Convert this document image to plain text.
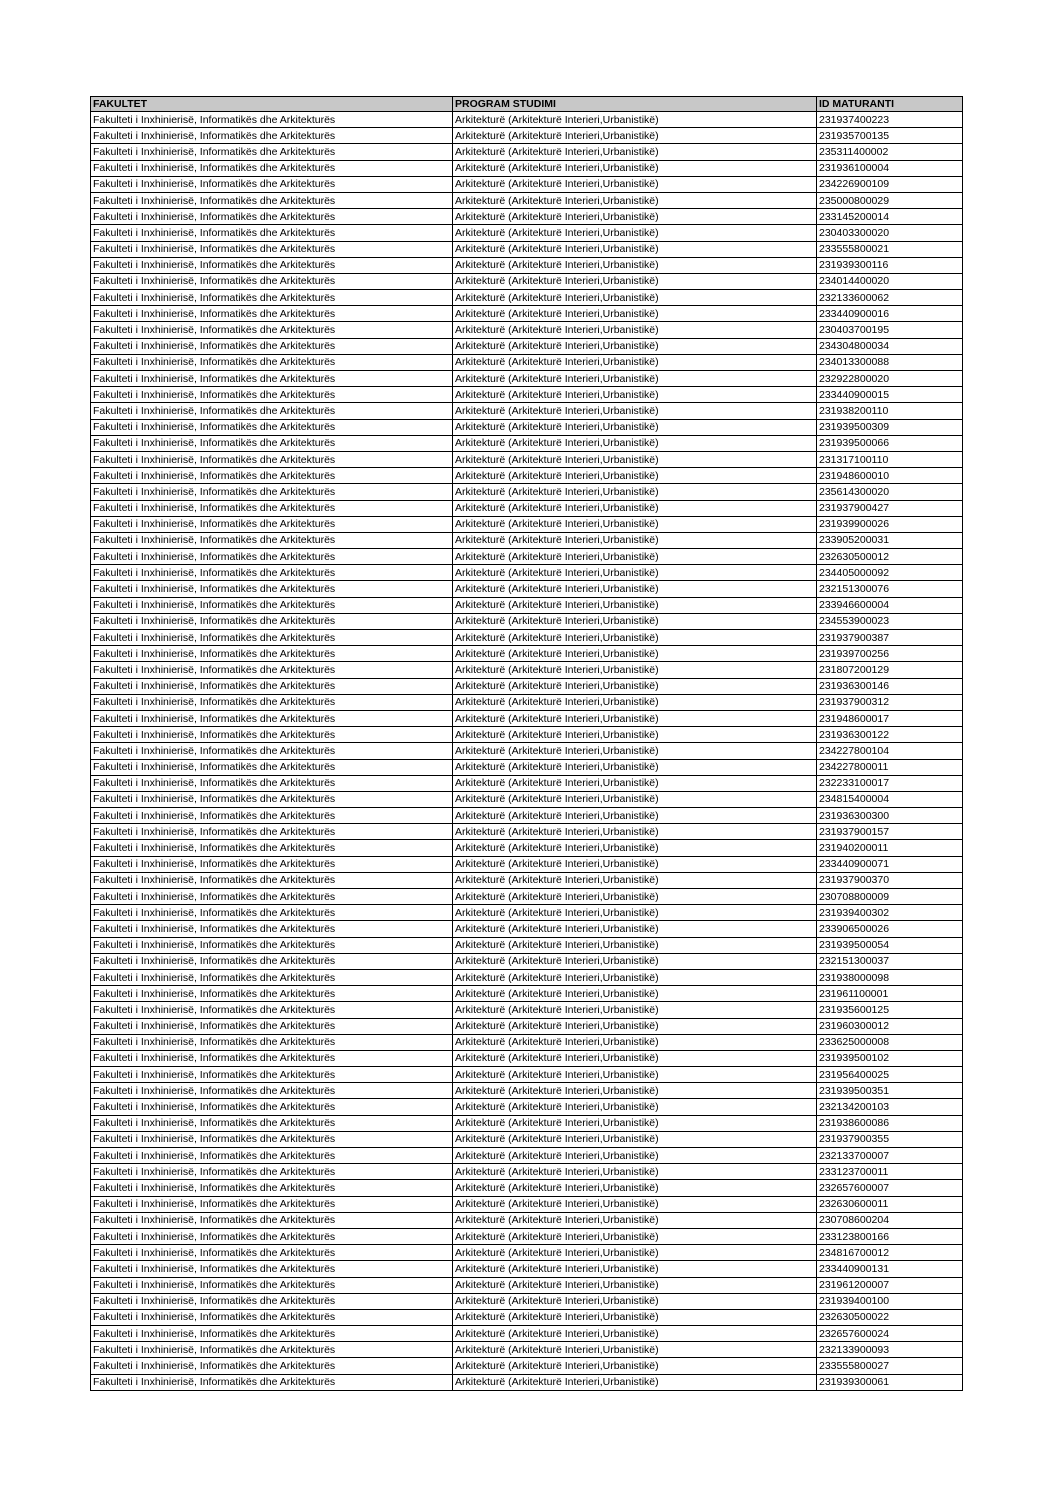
FAKULTET	PROGRAM STUDIMI	ID MATURANTI
Fakulteti i Inxhinierisë, Informatikës dhe Arkitekturës	Arkitekturë (Arkitekturë Interieri,Urbanistikë)	231937400223
Fakulteti i Inxhinierisë, Informatikës dhe Arkitekturës	Arkitekturë (Arkitekturë Interieri,Urbanistikë)	231935700135
Fakulteti i Inxhinierisë, Informatikës dhe Arkitekturës	Arkitekturë (Arkitekturë Interieri,Urbanistikë)	235311400002
Fakulteti i Inxhinierisë, Informatikës dhe Arkitekturës	Arkitekturë (Arkitekturë Interieri,Urbanistikë)	231936100004
Fakulteti i Inxhinierisë, Informatikës dhe Arkitekturës	Arkitekturë (Arkitekturë Interieri,Urbanistikë)	234226900109
Fakulteti i Inxhinierisë, Informatikës dhe Arkitekturës	Arkitekturë (Arkitekturë Interieri,Urbanistikë)	235000800029
Fakulteti i Inxhinierisë, Informatikës dhe Arkitekturës	Arkitekturë (Arkitekturë Interieri,Urbanistikë)	233145200014
Fakulteti i Inxhinierisë, Informatikës dhe Arkitekturës	Arkitekturë (Arkitekturë Interieri,Urbanistikë)	230403300020
Fakulteti i Inxhinierisë, Informatikës dhe Arkitekturës	Arkitekturë (Arkitekturë Interieri,Urbanistikë)	233555800021
Fakulteti i Inxhinierisë, Informatikës dhe Arkitekturës	Arkitekturë (Arkitekturë Interieri,Urbanistikë)	231939300116
Fakulteti i Inxhinierisë, Informatikës dhe Arkitekturës	Arkitekturë (Arkitekturë Interieri,Urbanistikë)	234014400020
Fakulteti i Inxhinierisë, Informatikës dhe Arkitekturës	Arkitekturë (Arkitekturë Interieri,Urbanistikë)	232133600062
Fakulteti i Inxhinierisë, Informatikës dhe Arkitekturës	Arkitekturë (Arkitekturë Interieri,Urbanistikë)	233440900016
Fakulteti i Inxhinierisë, Informatikës dhe Arkitekturës	Arkitekturë (Arkitekturë Interieri,Urbanistikë)	230403700195
Fakulteti i Inxhinierisë, Informatikës dhe Arkitekturës	Arkitekturë (Arkitekturë Interieri,Urbanistikë)	234304800034
Fakulteti i Inxhinierisë, Informatikës dhe Arkitekturës	Arkitekturë (Arkitekturë Interieri,Urbanistikë)	234013300088
Fakulteti i Inxhinierisë, Informatikës dhe Arkitekturës	Arkitekturë (Arkitekturë Interieri,Urbanistikë)	232922800020
Fakulteti i Inxhinierisë, Informatikës dhe Arkitekturës	Arkitekturë (Arkitekturë Interieri,Urbanistikë)	233440900015
Fakulteti i Inxhinierisë, Informatikës dhe Arkitekturës	Arkitekturë (Arkitekturë Interieri,Urbanistikë)	231938200110
Fakulteti i Inxhinierisë, Informatikës dhe Arkitekturës	Arkitekturë (Arkitekturë Interieri,Urbanistikë)	231939500309
Fakulteti i Inxhinierisë, Informatikës dhe Arkitekturës	Arkitekturë (Arkitekturë Interieri,Urbanistikë)	231939500066
Fakulteti i Inxhinierisë, Informatikës dhe Arkitekturës	Arkitekturë (Arkitekturë Interieri,Urbanistikë)	231317100110
Fakulteti i Inxhinierisë, Informatikës dhe Arkitekturës	Arkitekturë (Arkitekturë Interieri,Urbanistikë)	231948600010
Fakulteti i Inxhinierisë, Informatikës dhe Arkitekturës	Arkitekturë (Arkitekturë Interieri,Urbanistikë)	235614300020
Fakulteti i Inxhinierisë, Informatikës dhe Arkitekturës	Arkitekturë (Arkitekturë Interieri,Urbanistikë)	231937900427
Fakulteti i Inxhinierisë, Informatikës dhe Arkitekturës	Arkitekturë (Arkitekturë Interieri,Urbanistikë)	231939900026
Fakulteti i Inxhinierisë, Informatikës dhe Arkitekturës	Arkitekturë (Arkitekturë Interieri,Urbanistikë)	233905200031
Fakulteti i Inxhinierisë, Informatikës dhe Arkitekturës	Arkitekturë (Arkitekturë Interieri,Urbanistikë)	232630500012
Fakulteti i Inxhinierisë, Informatikës dhe Arkitekturës	Arkitekturë (Arkitekturë Interieri,Urbanistikë)	234405000092
Fakulteti i Inxhinierisë, Informatikës dhe Arkitekturës	Arkitekturë (Arkitekturë Interieri,Urbanistikë)	232151300076
Fakulteti i Inxhinierisë, Informatikës dhe Arkitekturës	Arkitekturë (Arkitekturë Interieri,Urbanistikë)	233946600004
Fakulteti i Inxhinierisë, Informatikës dhe Arkitekturës	Arkitekturë (Arkitekturë Interieri,Urbanistikë)	234553900023
Fakulteti i Inxhinierisë, Informatikës dhe Arkitekturës	Arkitekturë (Arkitekturë Interieri,Urbanistikë)	231937900387
Fakulteti i Inxhinierisë, Informatikës dhe Arkitekturës	Arkitekturë (Arkitekturë Interieri,Urbanistikë)	231939700256
Fakulteti i Inxhinierisë, Informatikës dhe Arkitekturës	Arkitekturë (Arkitekturë Interieri,Urbanistikë)	231807200129
Fakulteti i Inxhinierisë, Informatikës dhe Arkitekturës	Arkitekturë (Arkitekturë Interieri,Urbanistikë)	231936300146
Fakulteti i Inxhinierisë, Informatikës dhe Arkitekturës	Arkitekturë (Arkitekturë Interieri,Urbanistikë)	231937900312
Fakulteti i Inxhinierisë, Informatikës dhe Arkitekturës	Arkitekturë (Arkitekturë Interieri,Urbanistikë)	231948600017
Fakulteti i Inxhinierisë, Informatikës dhe Arkitekturës	Arkitekturë (Arkitekturë Interieri,Urbanistikë)	231936300122
Fakulteti i Inxhinierisë, Informatikës dhe Arkitekturës	Arkitekturë (Arkitekturë Interieri,Urbanistikë)	234227800104
Fakulteti i Inxhinierisë, Informatikës dhe Arkitekturës	Arkitekturë (Arkitekturë Interieri,Urbanistikë)	234227800011
Fakulteti i Inxhinierisë, Informatikës dhe Arkitekturës	Arkitekturë (Arkitekturë Interieri,Urbanistikë)	232233100017
Fakulteti i Inxhinierisë, Informatikës dhe Arkitekturës	Arkitekturë (Arkitekturë Interieri,Urbanistikë)	234815400004
Fakulteti i Inxhinierisë, Informatikës dhe Arkitekturës	Arkitekturë (Arkitekturë Interieri,Urbanistikë)	231936300300
Fakulteti i Inxhinierisë, Informatikës dhe Arkitekturës	Arkitekturë (Arkitekturë Interieri,Urbanistikë)	231937900157
Fakulteti i Inxhinierisë, Informatikës dhe Arkitekturës	Arkitekturë (Arkitekturë Interieri,Urbanistikë)	231940200011
Fakulteti i Inxhinierisë, Informatikës dhe Arkitekturës	Arkitekturë (Arkitekturë Interieri,Urbanistikë)	233440900071
Fakulteti i Inxhinierisë, Informatikës dhe Arkitekturës	Arkitekturë (Arkitekturë Interieri,Urbanistikë)	231937900370
Fakulteti i Inxhinierisë, Informatikës dhe Arkitekturës	Arkitekturë (Arkitekturë Interieri,Urbanistikë)	230708800009
Fakulteti i Inxhinierisë, Informatikës dhe Arkitekturës	Arkitekturë (Arkitekturë Interieri,Urbanistikë)	231939400302
Fakulteti i Inxhinierisë, Informatikës dhe Arkitekturës	Arkitekturë (Arkitekturë Interieri,Urbanistikë)	233906500026
Fakulteti i Inxhinierisë, Informatikës dhe Arkitekturës	Arkitekturë (Arkitekturë Interieri,Urbanistikë)	231939500054
Fakulteti i Inxhinierisë, Informatikës dhe Arkitekturës	Arkitekturë (Arkitekturë Interieri,Urbanistikë)	232151300037
Fakulteti i Inxhinierisë, Informatikës dhe Arkitekturës	Arkitekturë (Arkitekturë Interieri,Urbanistikë)	231938000098
Fakulteti i Inxhinierisë, Informatikës dhe Arkitekturës	Arkitekturë (Arkitekturë Interieri,Urbanistikë)	231961100001
Fakulteti i Inxhinierisë, Informatikës dhe Arkitekturës	Arkitekturë (Arkitekturë Interieri,Urbanistikë)	231935600125
Fakulteti i Inxhinierisë, Informatikës dhe Arkitekturës	Arkitekturë (Arkitekturë Interieri,Urbanistikë)	231960300012
Fakulteti i Inxhinierisë, Informatikës dhe Arkitekturës	Arkitekturë (Arkitekturë Interieri,Urbanistikë)	233625000008
Fakulteti i Inxhinierisë, Informatikës dhe Arkitekturës	Arkitekturë (Arkitekturë Interieri,Urbanistikë)	231939500102
Fakulteti i Inxhinierisë, Informatikës dhe Arkitekturës	Arkitekturë (Arkitekturë Interieri,Urbanistikë)	231956400025
Fakulteti i Inxhinierisë, Informatikës dhe Arkitekturës	Arkitekturë (Arkitekturë Interieri,Urbanistikë)	231939500351
Fakulteti i Inxhinierisë, Informatikës dhe Arkitekturës	Arkitekturë (Arkitekturë Interieri,Urbanistikë)	232134200103
Fakulteti i Inxhinierisë, Informatikës dhe Arkitekturës	Arkitekturë (Arkitekturë Interieri,Urbanistikë)	231938600086
Fakulteti i Inxhinierisë, Informatikës dhe Arkitekturës	Arkitekturë (Arkitekturë Interieri,Urbanistikë)	231937900355
Fakulteti i Inxhinierisë, Informatikës dhe Arkitekturës	Arkitekturë (Arkitekturë Interieri,Urbanistikë)	232133700007
Fakulteti i Inxhinierisë, Informatikës dhe Arkitekturës	Arkitekturë (Arkitekturë Interieri,Urbanistikë)	233123700011
Fakulteti i Inxhinierisë, Informatikës dhe Arkitekturës	Arkitekturë (Arkitekturë Interieri,Urbanistikë)	232657600007
Fakulteti i Inxhinierisë, Informatikës dhe Arkitekturës	Arkitekturë (Arkitekturë Interieri,Urbanistikë)	232630600011
Fakulteti i Inxhinierisë, Informatikës dhe Arkitekturës	Arkitekturë (Arkitekturë Interieri,Urbanistikë)	230708600204
Fakulteti i Inxhinierisë, Informatikës dhe Arkitekturës	Arkitekturë (Arkitekturë Interieri,Urbanistikë)	233123800166
Fakulteti i Inxhinierisë, Informatikës dhe Arkitekturës	Arkitekturë (Arkitekturë Interieri,Urbanistikë)	234816700012
Fakulteti i Inxhinierisë, Informatikës dhe Arkitekturës	Arkitekturë (Arkitekturë Interieri,Urbanistikë)	233440900131
Fakulteti i Inxhinierisë, Informatikës dhe Arkitekturës	Arkitekturë (Arkitekturë Interieri,Urbanistikë)	231961200007
Fakulteti i Inxhinierisë, Informatikës dhe Arkitekturës	Arkitekturë (Arkitekturë Interieri,Urbanistikë)	231939400100
Fakulteti i Inxhinierisë, Informatikës dhe Arkitekturës	Arkitekturë (Arkitekturë Interieri,Urbanistikë)	232630500022
Fakulteti i Inxhinierisë, Informatikës dhe Arkitekturës	Arkitekturë (Arkitekturë Interieri,Urbanistikë)	232657600024
Fakulteti i Inxhinierisë, Informatikës dhe Arkitekturës	Arkitekturë (Arkitekturë Interieri,Urbanistikë)	232133900093
Fakulteti i Inxhinierisë, Informatikës dhe Arkitekturës	Arkitekturë (Arkitekturë Interieri,Urbanistikë)	233555800027
Fakulteti i Inxhinierisë, Informatikës dhe Arkitekturës	Arkitekturë (Arkitekturë Interieri,Urbanistikë)	231939300061
